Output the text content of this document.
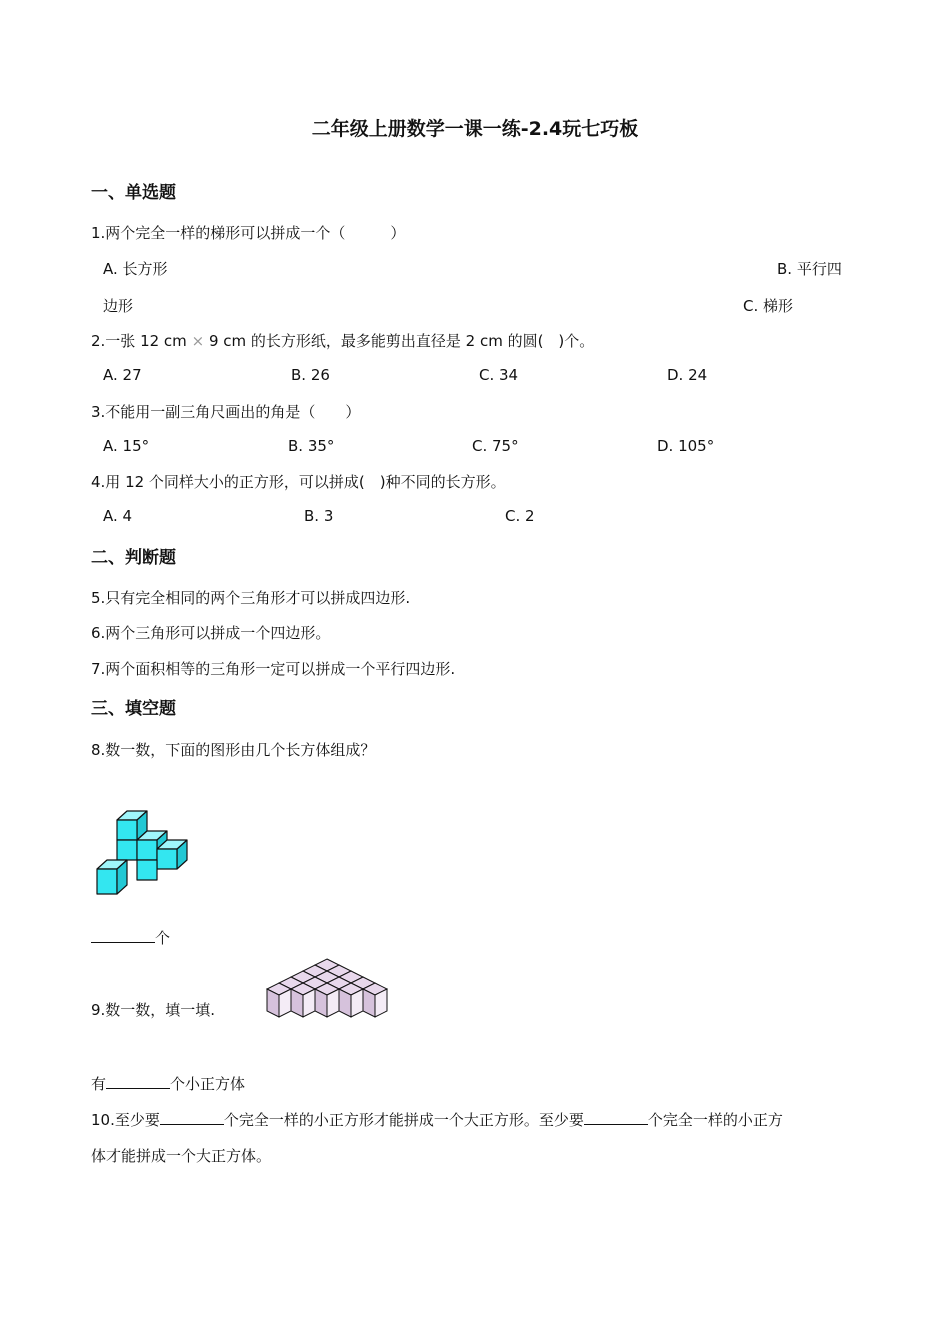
二年级上册数学一课一练-2.4玩七巧板
一、单选题
1.两个完全一样的梯形可以拼成一个（　　　）
A. 长方形	B. 平行四
边形	C. 梯形
2.一张 12 cm × 9 cm 的长方形纸，最多能剪出直径是 2 cm 的圆(　)个。
A. 27	B. 26	C. 34	D. 24
3.不能用一副三角尺画出的角是（　　）
A. 15°	B. 35°	C. 75°	D. 105°
4.用 12 个同样大小的正方形，可以拼成(　)种不同的长方形。
A. 4	B. 3	C. 2
二、判断题
5.只有完全相同的两个三角形才可以拼成四边形.
6.两个三角形可以拼成一个四边形。
7.两个面积相等的三角形一定可以拼成一个平行四边形.
三、填空题
8.数一数，下面的图形由几个长方体组成？
个
9.数一数，填一填.
有	个小正方体
10.至少要	个完全一样的小正方形才能拼成一个大正方形。至少要	个完全一样的小正方
体才能拼成一个大正方体。
